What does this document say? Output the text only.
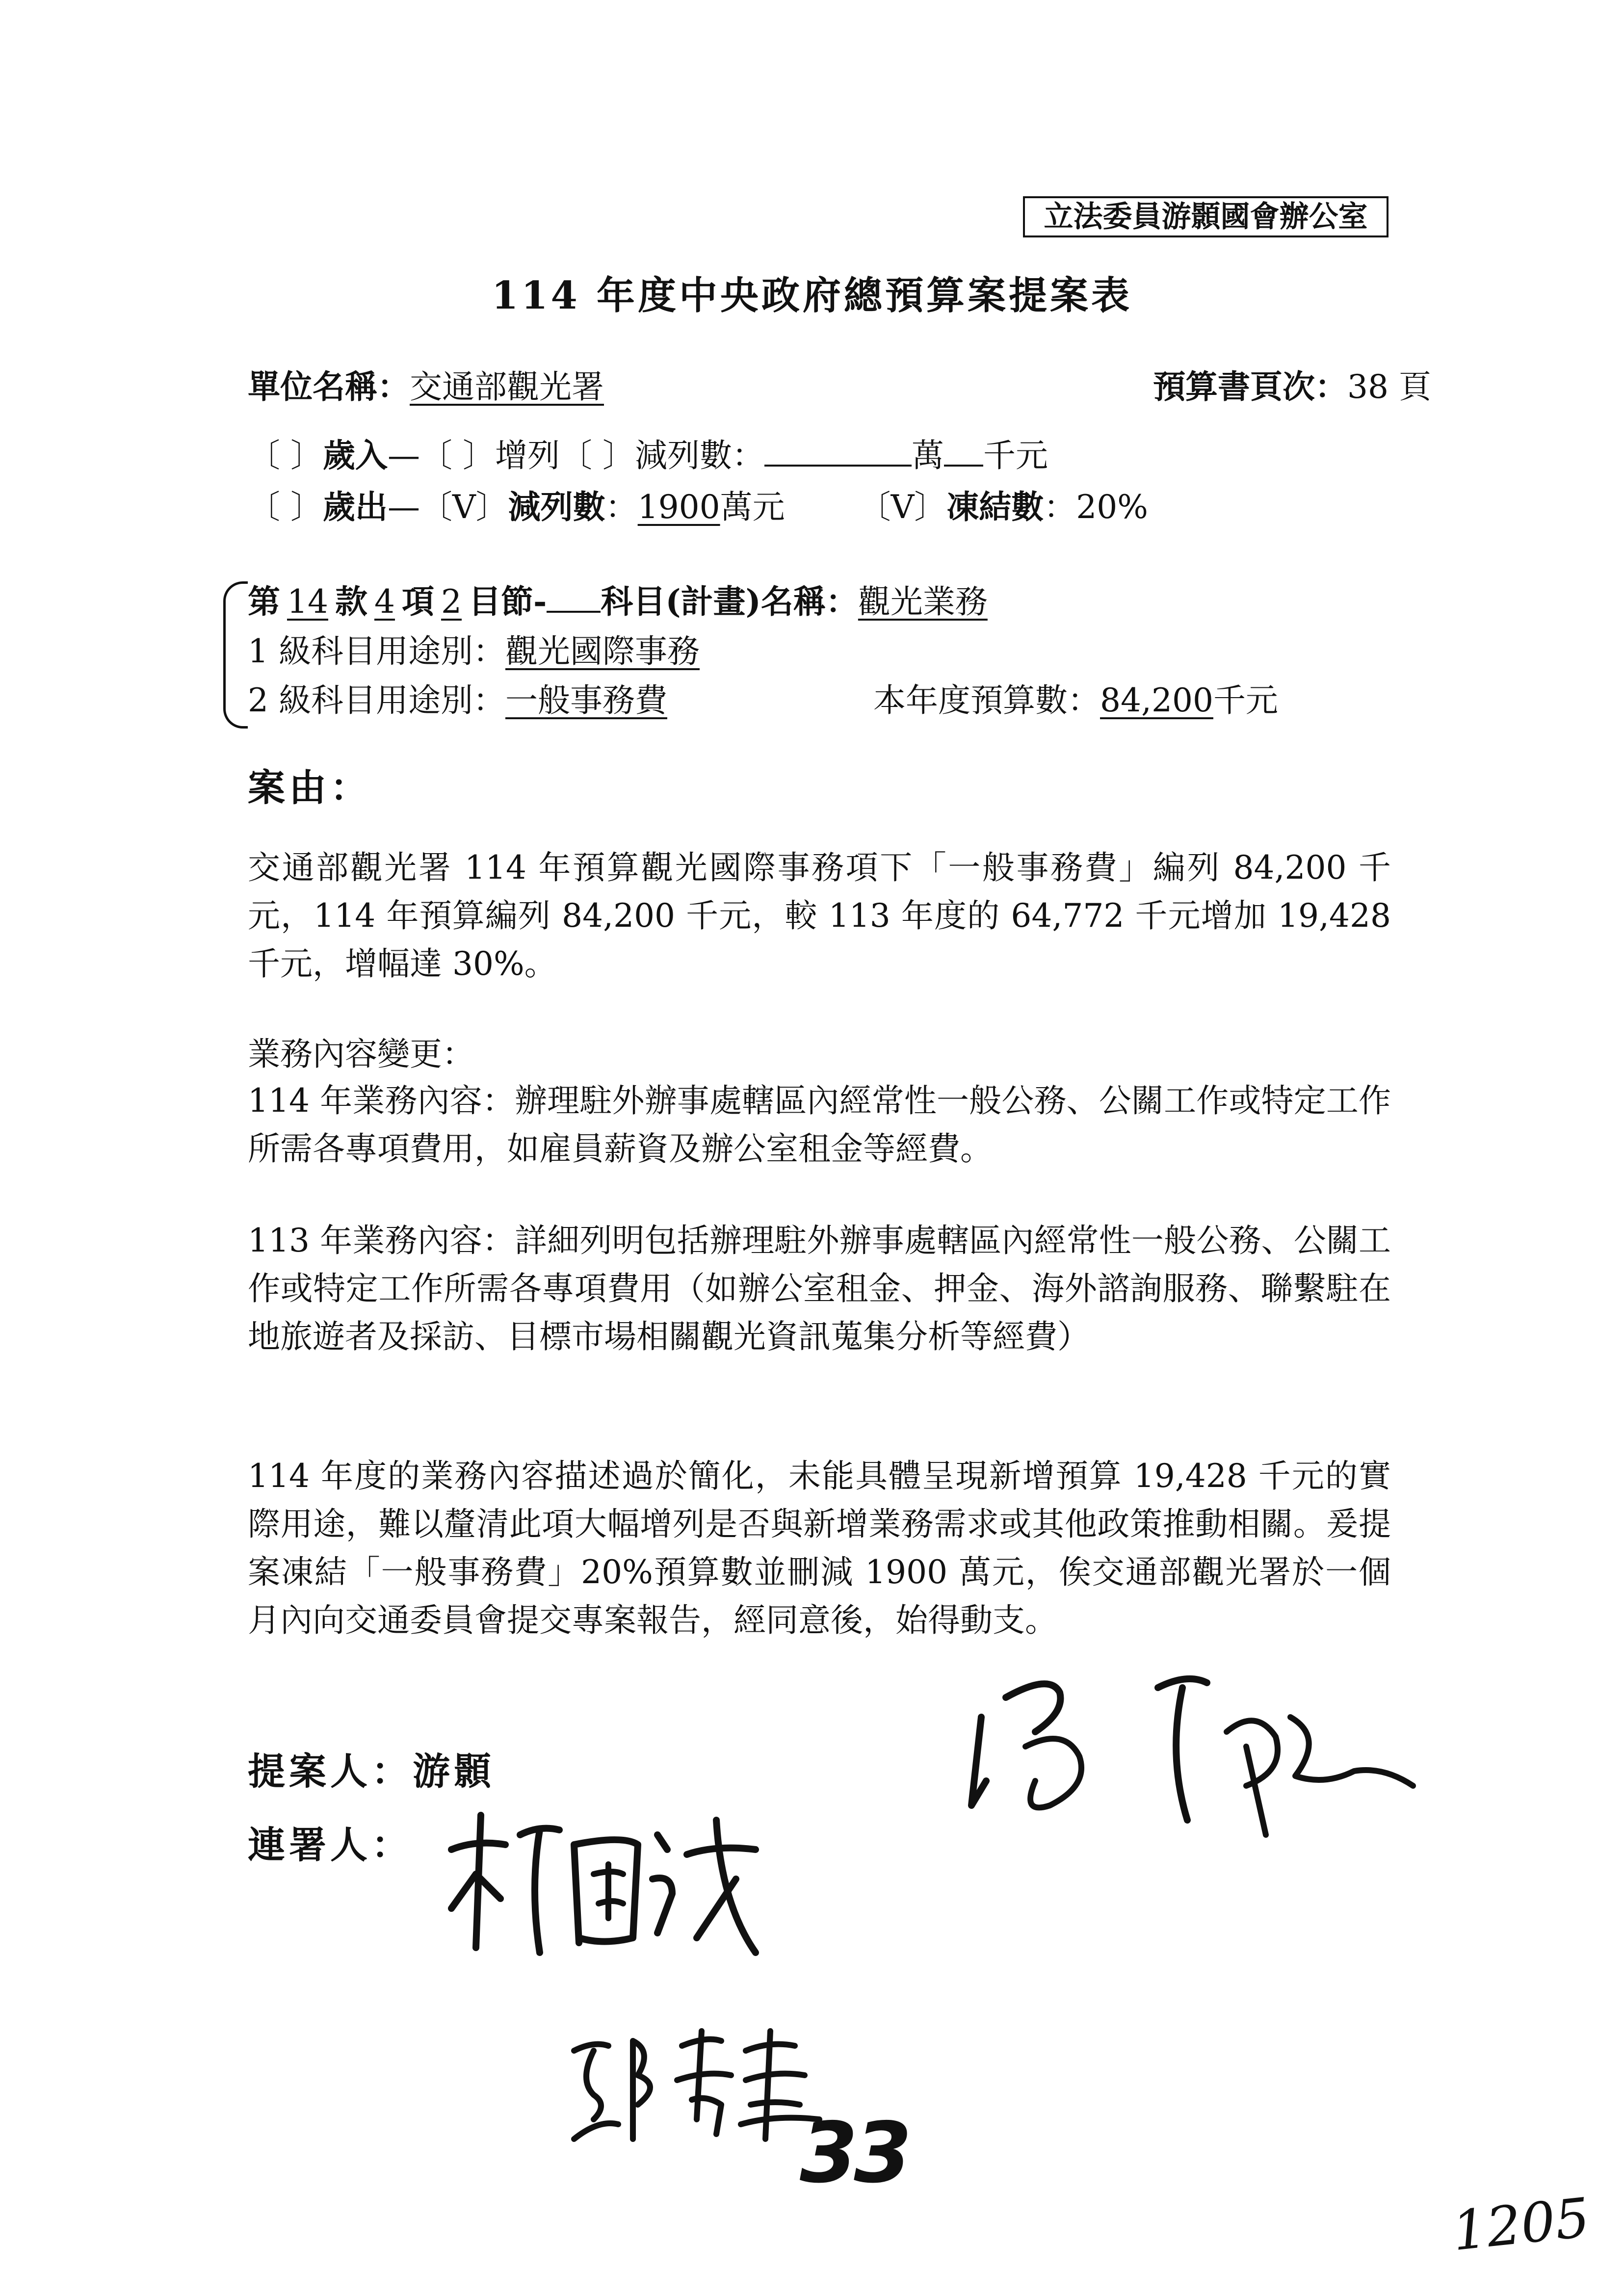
立法委員游顥國會辦公室
114 年度中央政府總預算案提案表
單位名稱：交通部觀光署	預算書頁次：38 頁
〔 〕歲入—〔 〕增列〔 〕減列數：	萬 千元
〔 〕歲出—〔V〕減列數：1900萬元 〔V〕凍結數：20%
第 14 款 4 項 2 目節- 科目(計畫)名稱：觀光業務
1 級科目用途別：觀光國際事務
2 級科目用途別：一般事務費	本年度預算數：84,200千元
案由：

交通部觀光署 114 年預算觀光國際事務項下「一般事務費」編列 84,200 千元，114 年預算編列 84,200 千元，較 113 年度的 64,772 千元增加 19,428 千元，增幅達 30%。

業務內容變更：

114 年業務內容：辦理駐外辦事處轄區內經常性一般公務、公關工作或特定工作所需各專項費用，如雇員薪資及辦公室租金等經費。

113 年業務內容：詳細列明包括辦理駐外辦事處轄區內經常性一般公務、公關工作或特定工作所需各專項費用（如辦公室租金、押金、海外諮詢服務、聯繫駐在地旅遊者及採訪、目標市場相關觀光資訊蒐集分析等經費）

114 年度的業務內容描述過於簡化，未能具體呈現新增預算 19,428 千元的實際用途，難以釐清此項大幅增列是否與新增業務需求或其他政策推動相關。爰提案凍結「一般事務費」20%預算數並刪減 1900 萬元，俟交通部觀光署於一個月內向交通委員會提交專案報告，經同意後，始得動支。

提案人：游顥
連署人：
33
1205
